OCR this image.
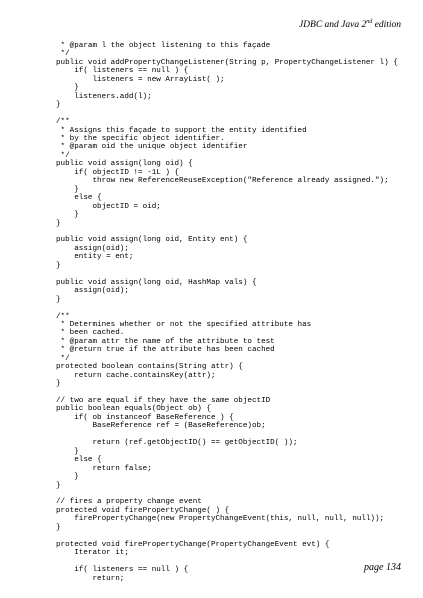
JDBC and Java 2nd edition
* @param l the object listening to this façade
*/
public void addPropertyChangeListener(String p, PropertyChangeListener l) {
if( listeners == null ) {
listeners = new ArrayList( );
}
listeners.add(l);
}

/**
* Assigns this façade to support the entity identified
* by the specific object identifier.
* @param oid the unique object identifier
*/
public void assign(long oid) {
if( objectID != -1L ) {
throw new ReferenceReuseException("Reference already assigned.");
}
else {
objectID = oid;
}
}

public void assign(long oid, Entity ent) {
assign(oid);
entity = ent;
}

public void assign(long oid, HashMap vals) {
assign(oid);
}

/**
* Determines whether or not the specified attribute has
* been cached.
* @param attr the name of the attribute to test
* @return true if the attribute has been cached
*/
protected boolean contains(String attr) {
return cache.containsKey(attr);
}

// two are equal if they have the same objectID
public boolean equals(Object ob) {
if( ob instanceof BaseReference ) {
BaseReference ref = (BaseReference)ob;

return (ref.getObjectID() == getObjectID( ));
}
else {
return false;
}
}

// fires a property change event
protected void firePropertyChange( ) {
firePropertyChange(new PropertyChangeEvent(this, null, null, null));
}

protected void firePropertyChange(PropertyChangeEvent evt) {
Iterator it;

if( listeners == null ) {
return;
page 134
